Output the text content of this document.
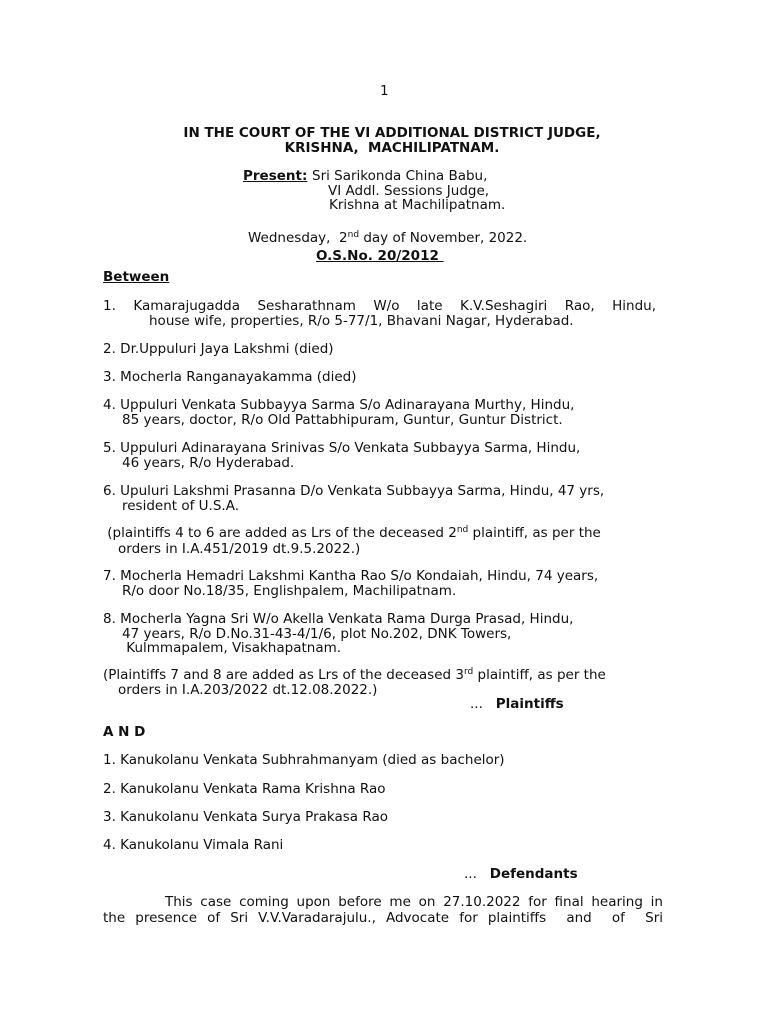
1
IN THE COURT OF THE VI ADDITIONAL DISTRICT JUDGE,
KRISHNA,  MACHILIPATNAM.
Present: Sri Sarikonda China Babu,
VI Addl. Sessions Judge,
Krishna at Machilipatnam.
Wednesday,  2nd day of November, 2022.
O.S.No. 20/2012
Between
1.  Kamarajugadda  Sesharathnam  W/o  late  K.V.Seshagiri  Rao,  Hindu,
house wife, properties, R/o 5-77/1, Bhavani Nagar, Hyderabad.
2. Dr.Uppuluri Jaya Lakshmi (died)
3. Mocherla Ranganayakamma (died)
4. Uppuluri Venkata Subbayya Sarma S/o Adinarayana Murthy, Hindu,
85 years, doctor, R/o Old Pattabhipuram, Guntur, Guntur District.
5. Uppuluri Adinarayana Srinivas S/o Venkata Subbayya Sarma, Hindu,
46 years, R/o Hyderabad.
6. Upuluri Lakshmi Prasanna D/o Venkata Subbayya Sarma, Hindu, 47 yrs,
resident of U.S.A.
(plaintiffs 4 to 6 are added as Lrs of the deceased 2nd plaintiff, as per the
orders in I.A.451/2019 dt.9.5.2022.)
7. Mocherla Hemadri Lakshmi Kantha Rao S/o Kondaiah, Hindu, 74 years,
R/o door No.18/35, Englishpalem, Machilipatnam.
8. Mocherla Yagna Sri W/o Akella Venkata Rama Durga Prasad, Hindu,
47 years, R/o D.No.31-43-4/1/6, plot No.202, DNK Towers,
Kulmmapalem, Visakhapatnam.
(Plaintiffs 7 and 8 are added as Lrs of the deceased 3rd plaintiff, as per the
orders in I.A.203/2022 dt.12.08.2022.)
...   Plaintiffs
A N D
1. Kanukolanu Venkata Subhrahmanyam (died as bachelor)
2. Kanukolanu Venkata Rama Krishna Rao
3. Kanukolanu Venkata Surya Prakasa Rao
4. Kanukolanu Vimala Rani
...   Defendants
This case coming upon before me on 27.10.2022 for final hearing in
the presence of Sri V.V.Varadarajulu., Advocate for plaintiffs  and  of  Sri
